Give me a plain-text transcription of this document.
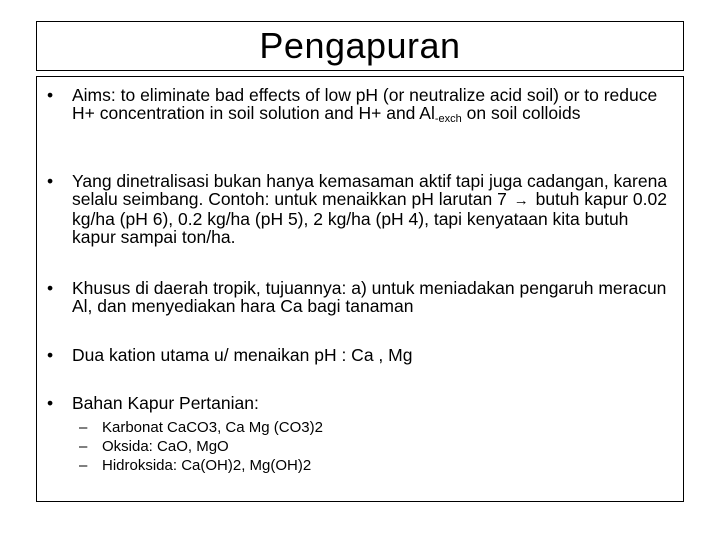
Pengapuran
•	Aims: to eliminate bad effects of low pH (or neutralize acid soil) or to reduce H+ concentration in soil solution and H+ and $Al_{-exch}$ on soil colloids
•	Yang dinetralisasi bukan hanya kemasaman aktif tapi juga cadangan, karena selalu seimbang. Contoh: untuk menaikkan pH larutan 7 → butuh kapur 0.02 kg/ha (pH 6), 0.2 kg/ha (pH 5), 2 kg/ha (pH 4), tapi kenyataan kita butuh kapur sampai ton/ha.
•	Khusus di daerah tropik, tujuannya: a) untuk meniadakan pengaruh meracun Al, dan menyediakan hara Ca bagi tanaman
•	Dua kation utama u/ menaikan pH : Ca , Mg
•	Bahan Kapur Pertanian:
– Karbonat CaCO3, Ca Mg (CO3)2
– Oksida: CaO, MgO
– Hidroksida: Ca(OH)2, Mg(OH)2
